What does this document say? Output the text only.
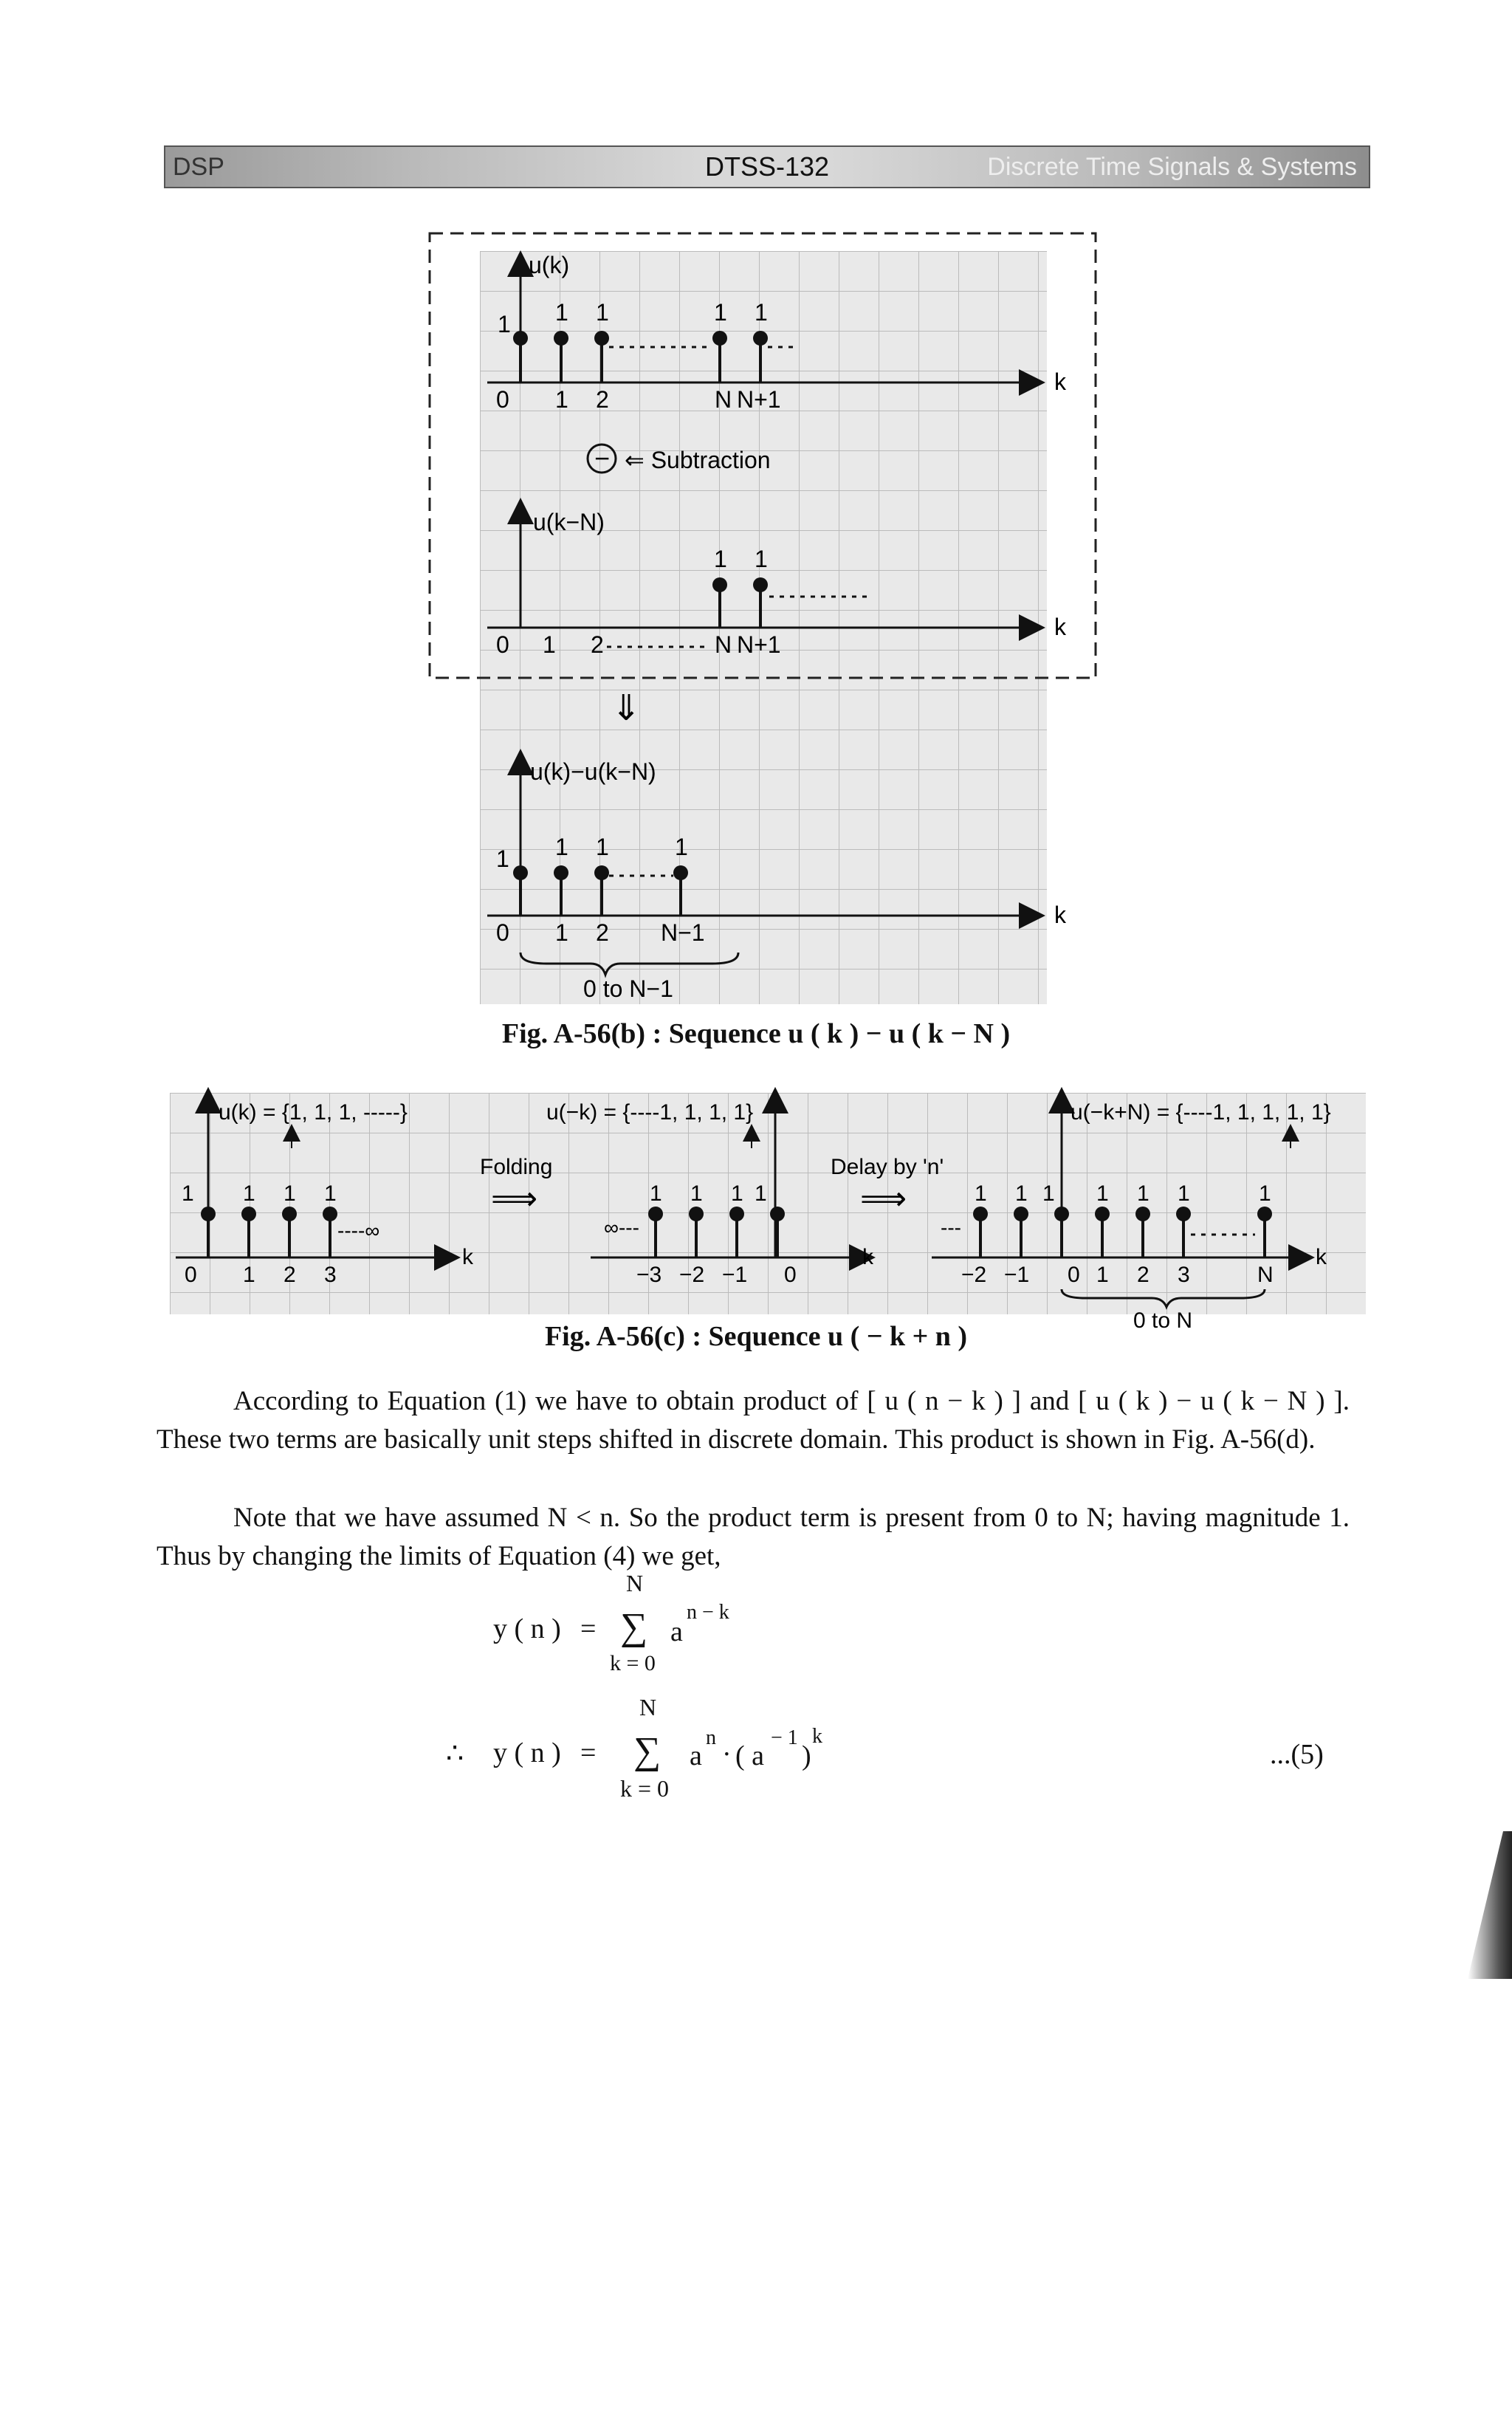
DSP	DTSS-132	Discrete Time Signals & Systems
u(k)
k
1 1 1	1 1
0 1 2	N N+1
− ⇐ Subtraction
u(k−N)
k
1 1
0 1 2	N N+1
⇓
u(k)−u(k−N)
k
1 1 1	1
0 1 2 N−1
0 to N−1
Fig. A-56(b) : Sequence u ( k ) − u ( k − N )
u(k) = {1, 1, 1, -----}
k
1 1 1 1
----∞
0 1 2 3
Folding
⟹
u(−k) = {----1, 1, 1, 1}
k
1 1 1 1
∞---
−3 −2 −1 0
Delay by 'n'
⟹
u(−k+N) = {----1, 1, 1, 1, 1}
k
---
1 1 1 1 1 1	1
−2 −1 0 1 2 3	N
0 to N
Fig. A-56(c) : Sequence u ( − k + n )
According to Equation (1) we have to obtain product of [ u ( n − k ) ] and [ u ( k ) − u ( k − N ) ]. These two terms are basically unit steps shifted in discrete domain. This product is shown in Fig. A-56(d).
Note that we have assumed N < n. So the product term is present from 0 to N; having magnitude 1. Thus by changing the limits of Equation (4) we get,
y ( n ) =
N
∑
k = 0
a
n − k
∴ y ( n ) =
N
∑
k = 0
a
n
· ( a
− 1
)
k
...(5)
